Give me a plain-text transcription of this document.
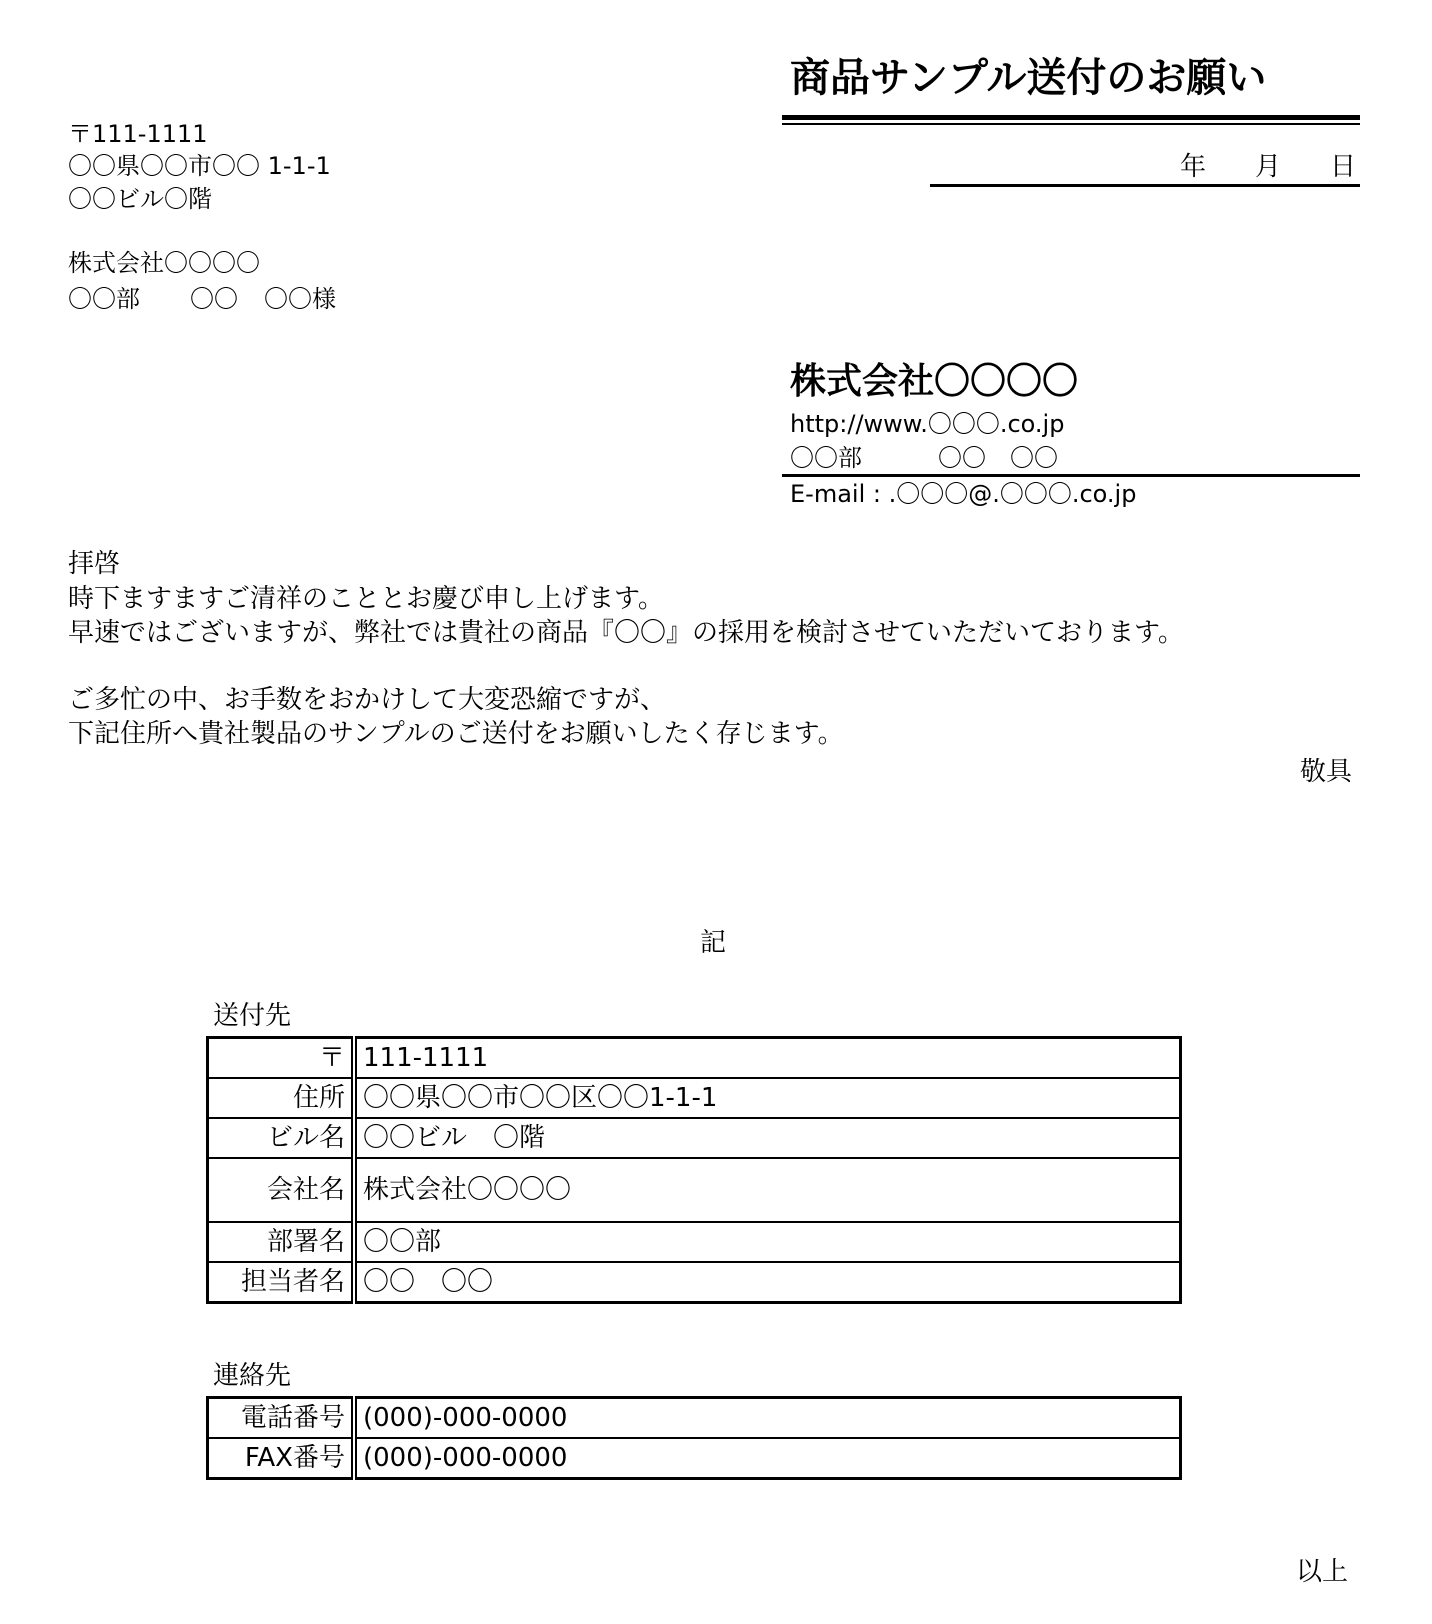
商品サンプル送付のお願い
年 月 日
〒111-1111
〇〇県〇〇市〇〇 1-1-1
〇〇ビル〇階
株式会社〇〇〇〇
〇〇部 〇〇 〇〇様
株式会社〇〇〇〇
http://www.〇〇〇.co.jp
〇〇部	〇〇 〇〇
E-mail : .〇〇〇@.〇〇〇.co.jp
拝啓
時下ますますご清祥のこととお慶び申し上げます。
早速ではございますが、弊社では貴社の商品『〇〇』の採用を検討させていただいております。
ご多忙の中、お手数をおかけして大変恐縮ですが、
下記住所へ貴社製品のサンプルのご送付をお願いしたく存じます。
敬具
記
送付先
〒	111-1111
住所	〇〇県〇〇市〇〇区〇〇1-1-1
ビル名	〇〇ビル　〇階
会社名	株式会社〇〇〇〇
部署名	〇〇部
担当者名	〇〇　〇〇
連絡先
電話番号	(000)-000-0000
FAX番号	(000)-000-0000
以上
